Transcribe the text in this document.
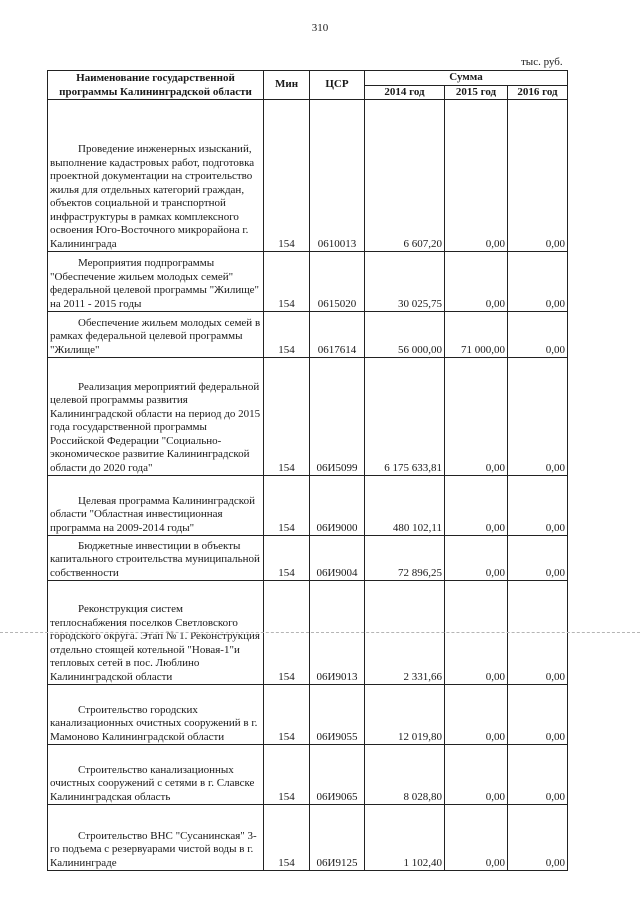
310
тыс. руб.
Наименование государственной программы Калининградской области	Мин	ЦСР	Сумма		
			2014 год	2015 год	2016 год
Проведение инженерных изысканий, выполнение кадастровых работ, подготовка проектной документации на строительство жилья для отдельных категорий граждан, объектов социальной и транспортной инфраструктуры в рамках комплексного освоения Юго-Восточного микрорайона г. Калининграда	154	0610013	6 607,20	0,00	0,00
Мероприятия подпрограммы "Обеспечение жильем молодых семей" федеральной целевой программы "Жилище" на 2011 - 2015 годы	154	0615020	30 025,75	0,00	0,00
Обеспечение жильем молодых семей в рамках федеральной целевой программы "Жилище"	154	0617614	56 000,00	71 000,00	0,00
Реализация мероприятий федеральной целевой программы развития Калининградской области на период до 2015 года государственной программы Российской Федерации "Социально-экономическое развитие Калининградской области до 2020 года"	154	06И5099	6 175 633,81	0,00	0,00
Целевая программа Калининградской области "Областная инвестиционная программа на 2009-2014 годы"	154	06И9000	480 102,11	0,00	0,00
Бюджетные инвестиции в объекты капитального строительства муниципальной собственности	154	06И9004	72 896,25	0,00	0,00
Реконструкция систем теплоснабжения поселков Светловского городского округа. Этап № 1. Реконструкция отдельно стоящей котельной "Новая-1"и тепловых сетей в пос. Люблино Калининградской области	154	06И9013	2 331,66	0,00	0,00
Строительство городских канализационных очистных сооружений в г. Мамоново Калининградской области	154	06И9055	12 019,80	0,00	0,00
Строительство канализационных очистных сооружений с сетями в г. Славске Калининградская область	154	06И9065	8 028,80	0,00	0,00
Строительство ВНС "Сусанинская" 3-го подъема с резервуарами чистой воды в г. Калининграде	154	06И9125	1 102,40	0,00	0,00
